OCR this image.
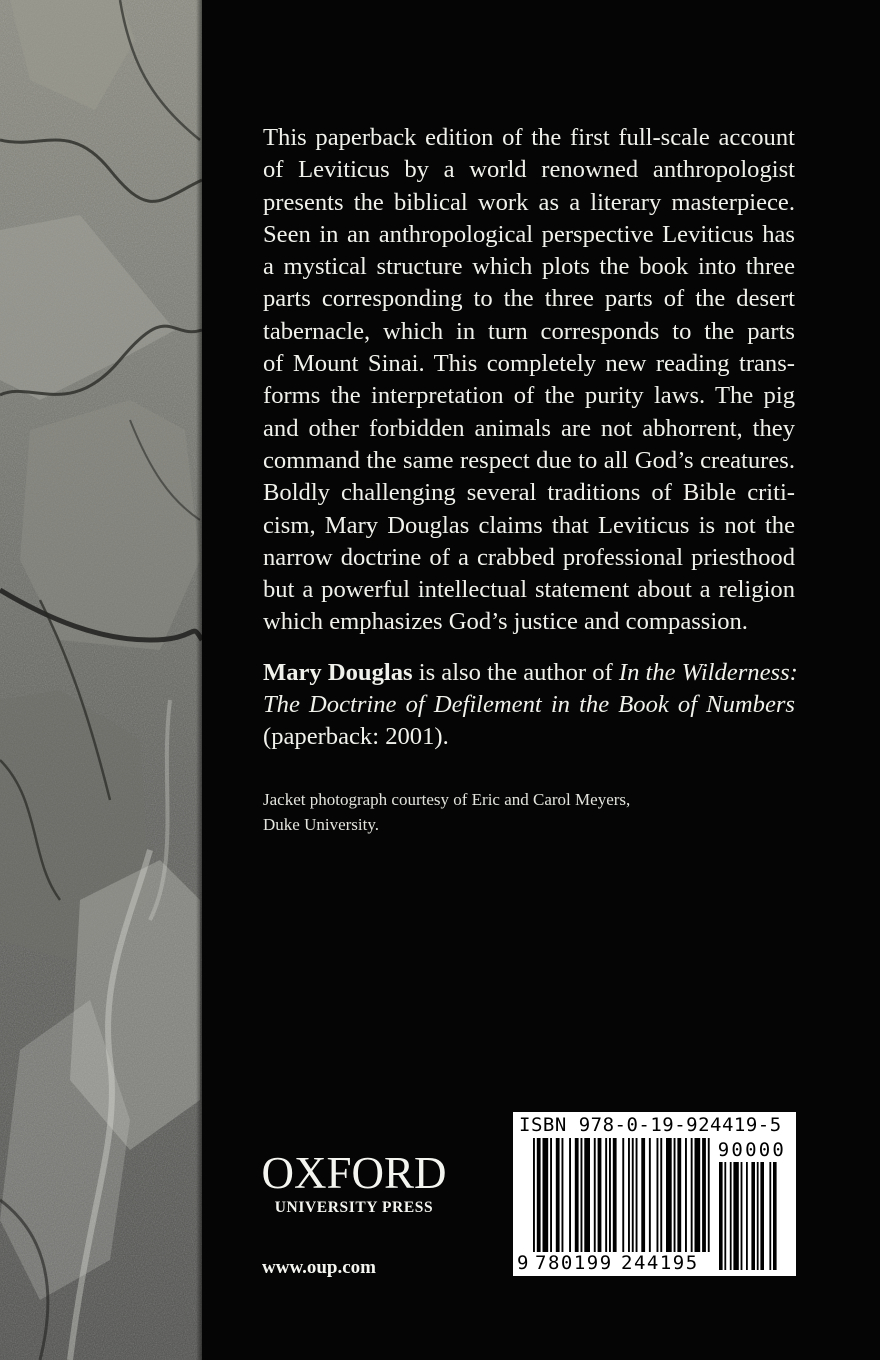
This paperback edition of the first full-scale account
of Leviticus by a world renowned anthropologist
presents the biblical work as a literary masterpiece.
Seen in an anthropological perspective Leviticus has
a mystical structure which plots the book into three
parts corresponding to the three parts of the desert
tabernacle, which in turn corresponds to the parts
of Mount Sinai. This completely new reading trans-
forms the interpretation of the purity laws. The pig
and other forbidden animals are not abhorrent, they
command the same respect due to all God’s creatures.
Boldly challenging several traditions of Bible criti-
cism, Mary Douglas claims that Leviticus is not the
narrow doctrine of a crabbed professional priesthood
but a powerful intellectual statement about a religion
which emphasizes God’s justice and compassion.
Mary Douglas is also the author of In the Wilderness:
The Doctrine of Defilement in the Book of Numbers
(paperback: 2001).
Jacket photograph courtesy of Eric and Carol Meyers,
Duke University.
OXFORD
UNIVERSITY PRESS
www.oup.com
ISBN 978-0-19-924419-5
90000
9 780199 244195
